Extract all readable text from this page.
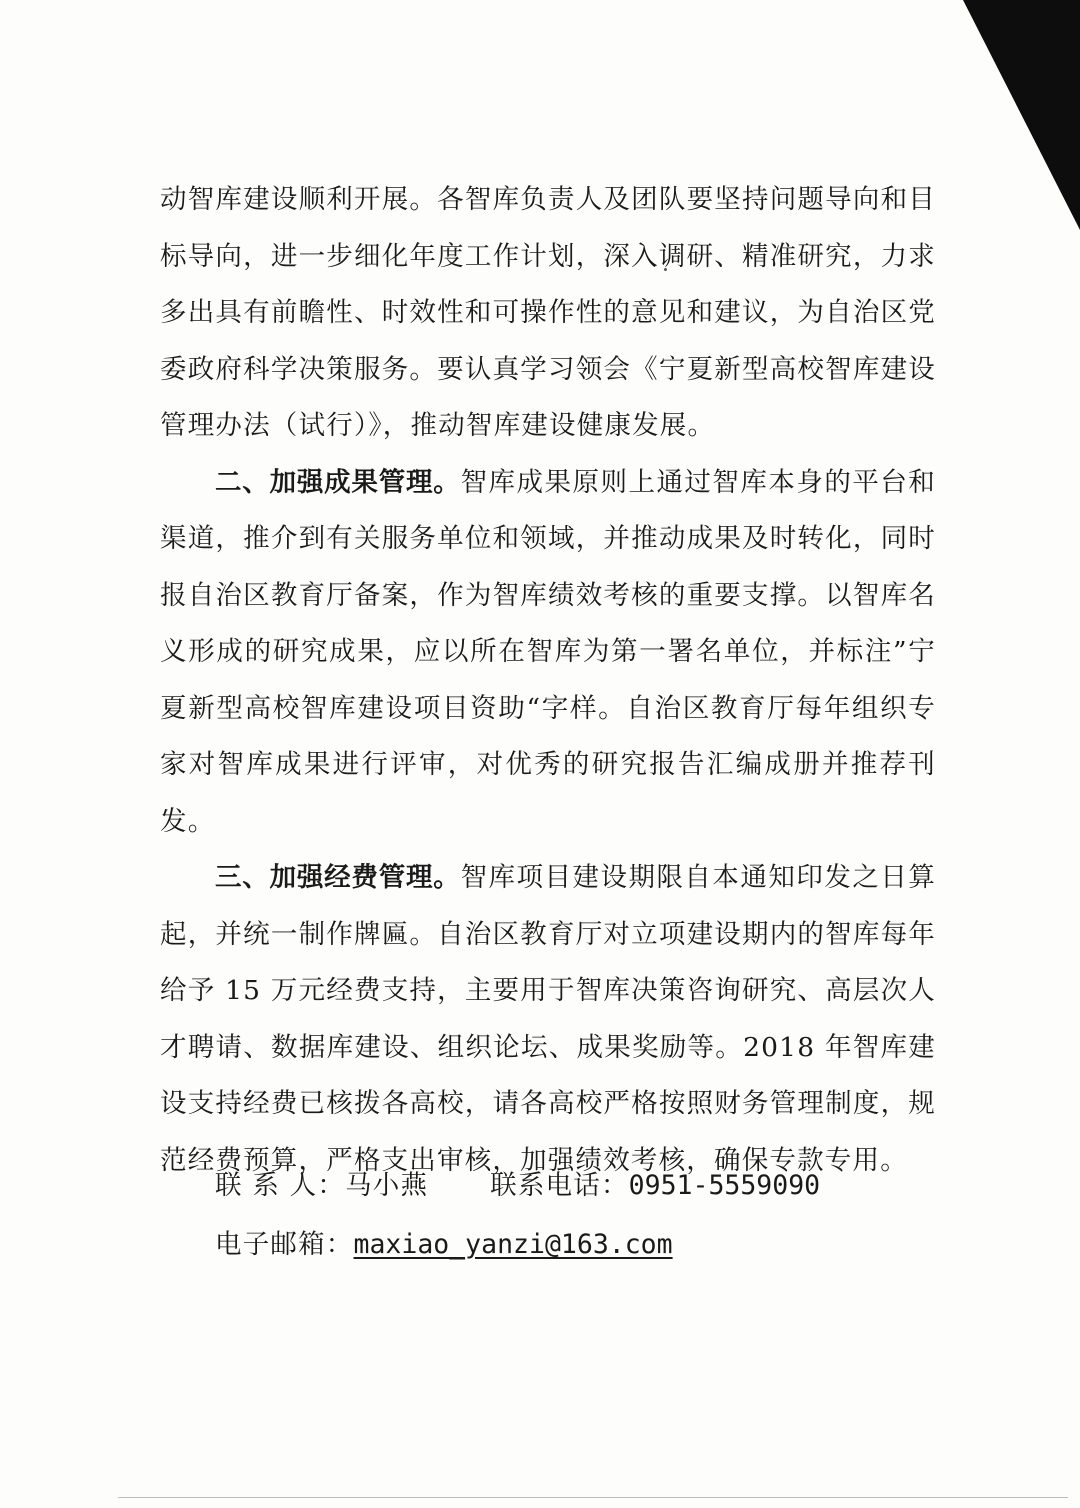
动智库建设顺利开展。各智库负责人及团队要坚持问题导向和目标导向，进一步细化年度工作计划，深入调研、精准研究，力求多出具有前瞻性、时效性和可操作性的意见和建议，为自治区党委政府科学决策服务。要认真学习领会《宁夏新型高校智库建设管理办法（试行）》，推动智库建设健康发展。

二、加强成果管理。智库成果原则上通过智库本身的平台和渠道，推介到有关服务单位和领域，并推动成果及时转化，同时报自治区教育厅备案，作为智库绩效考核的重要支撑。以智库名义形成的研究成果，应以所在智库为第一署名单位，并标注”宁夏新型高校智库建设项目资助“字样。自治区教育厅每年组织专家对智库成果进行评审，对优秀的研究报告汇编成册并推荐刊发。

三、加强经费管理。智库项目建设期限自本通知印发之日算起，并统一制作牌匾。自治区教育厅对立项建设期内的智库每年给予 15 万元经费支持，主要用于智库决策咨询研究、高层次人才聘请、数据库建设、组织论坛、成果奖励等。2018 年智库建设支持经费已核拨各高校，请各高校严格按照财务管理制度，规范经费预算，严格支出审核，加强绩效考核，确保专款专用。

联 系 人：马小燕 联系电话：0951-5559090
电子邮箱：maxiao_yanzi@163.com
